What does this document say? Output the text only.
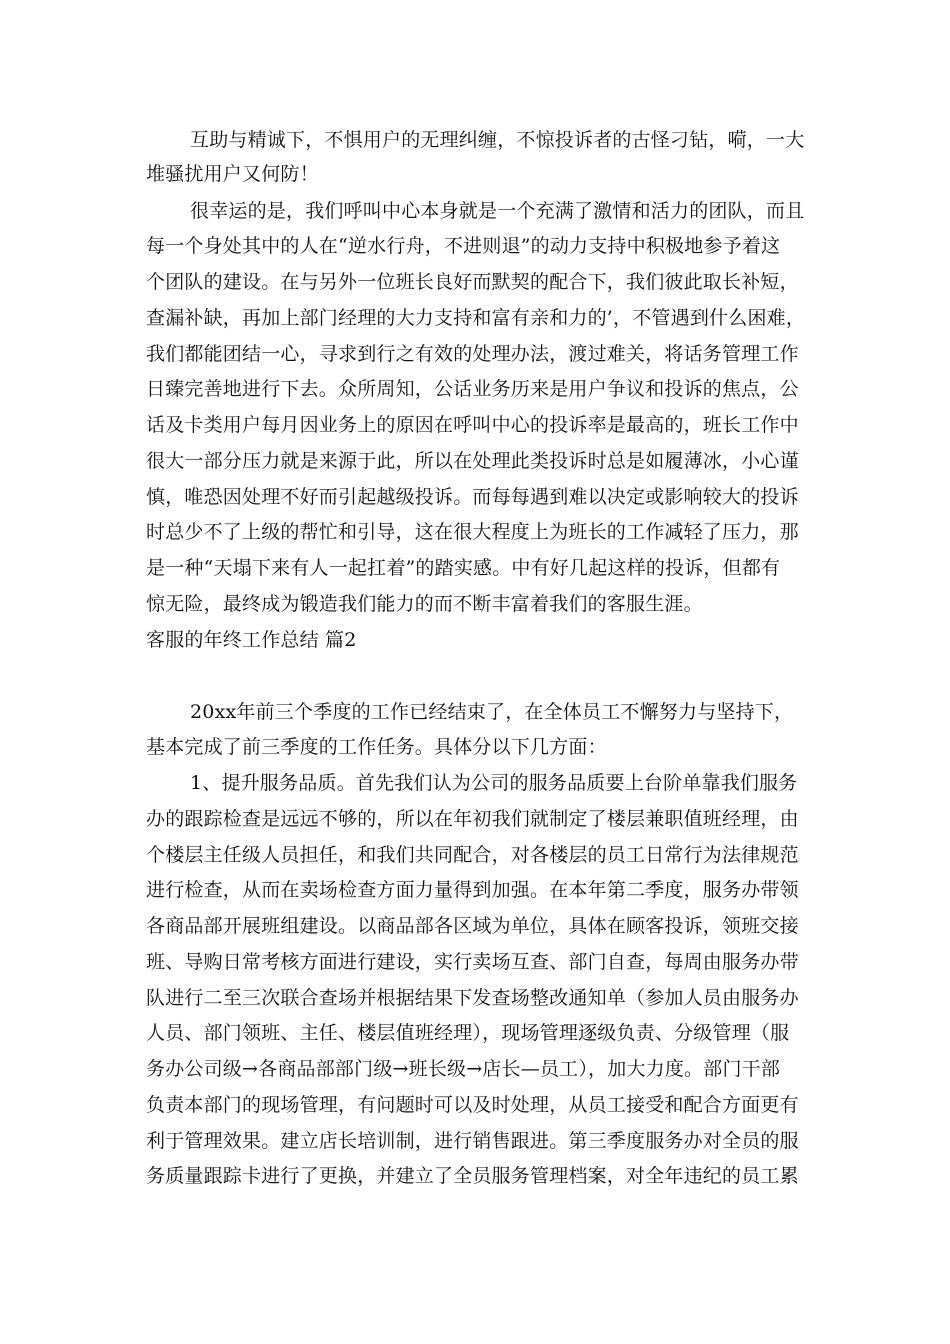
互助与精诚下，不惧用户的无理纠缠，不惊投诉者的古怪刁钻，嗬，一大
堆骚扰用户又何防！
很幸运的是，我们呼叫中心本身就是一个充满了激情和活力的团队，而且
每一个身处其中的人在“逆水行舟，不进则退”的动力支持中积极地参予着这
个团队的建设。在与另外一位班长良好而默契的配合下，我们彼此取长补短，
查漏补缺，再加上部门经理的大力支持和富有亲和力的’，不管遇到什么困难，
我们都能团结一心，寻求到行之有效的处理办法，渡过难关，将话务管理工作
日臻完善地进行下去。众所周知，公话业务历来是用户争议和投诉的焦点，公
话及卡类用户每月因业务上的原因在呼叫中心的投诉率是最高的，班长工作中
很大一部分压力就是来源于此，所以在处理此类投诉时总是如履薄冰，小心谨
慎，唯恐因处理不好而引起越级投诉。而每每遇到难以决定或影响较大的投诉
时总少不了上级的帮忙和引导，这在很大程度上为班长的工作减轻了压力，那
是一种“天塌下来有人一起扛着”的踏实感。中有好几起这样的投诉，但都有
惊无险，最终成为锻造我们能力的而不断丰富着我们的客服生涯。
客服的年终工作总结 篇2
20xx年前三个季度的工作已经结束了，在全体员工不懈努力与坚持下，
基本完成了前三季度的工作任务。具体分以下几方面：
1、提升服务品质。首先我们认为公司的服务品质要上台阶单靠我们服务
办的跟踪检查是远远不够的，所以在年初我们就制定了楼层兼职值班经理，由
个楼层主任级人员担任，和我们共同配合，对各楼层的员工日常行为法律规范
进行检查，从而在卖场检查方面力量得到加强。在本年第二季度，服务办带领
各商品部开展班组建设。以商品部各区域为单位，具体在顾客投诉，领班交接
班、导购日常考核方面进行建设，实行卖场互查、部门自查，每周由服务办带
队进行二至三次联合查场并根据结果下发查场整改通知单（参加人员由服务办
人员、部门领班、主任、楼层值班经理），现场管理逐级负责、分级管理（服
务办公司级→各商品部部门级→班长级→店长—员工），加大力度。部门干部
负责本部门的现场管理，有问题时可以及时处理，从员工接受和配合方面更有
利于管理效果。建立店长培训制，进行销售跟进。第三季度服务办对全员的服
务质量跟踪卡进行了更换，并建立了全员服务管理档案，对全年违纪的员工累
